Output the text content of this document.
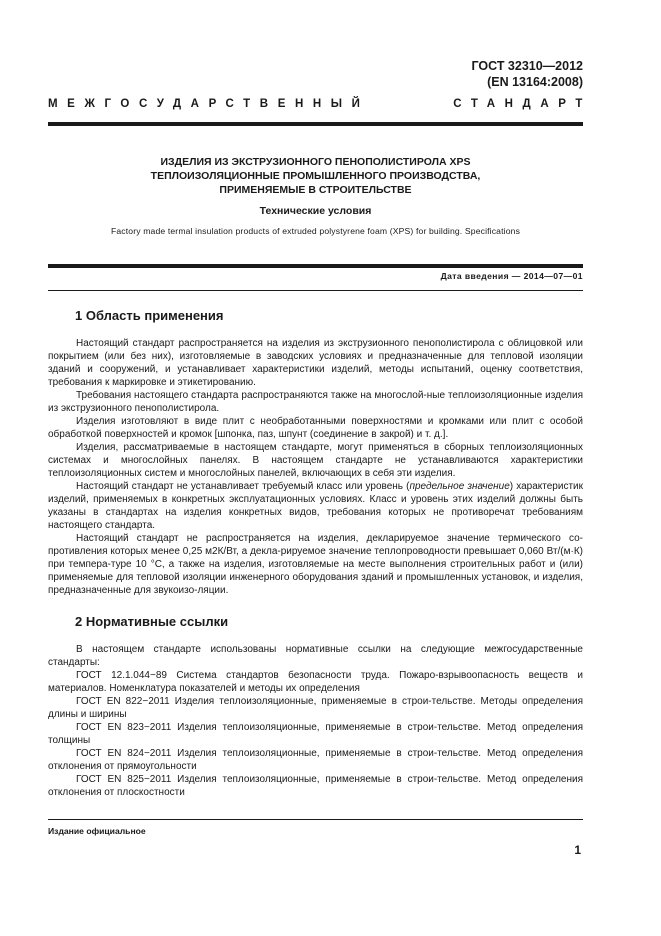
ГОСТ 32310—2012
(EN 13164:2008)
МЕЖГОСУДАРСТВЕННЫЙ	СТАНДАРТ
ИЗДЕЛИЯ ИЗ ЭКСТРУЗИОННОГО ПЕНОПОЛИСТИРОЛА XPS
ТЕПЛОИЗОЛЯЦИОННЫЕ ПРОМЫШЛЕННОГО ПРОИЗВОДСТВА,
ПРИМЕНЯЕМЫЕ В СТРОИТЕЛЬСТВЕ
Технические условия
Factory made termal insulation products of extruded polystyrene foam (XPS) for building. Specifications
Дата введения — 2014—07—01
1 Область применения

Настоящий стандарт распространяется на изделия из экструзионного пенополистирола с облицовкой или покрытием (или без них), изготовляемые в заводских условиях и предназначенные для тепловой изоляции зданий и сооружений, и устанавливает характеристики изделий, методы испытаний, оценку соответствия, требования к маркировке и этикетированию.

Требования настоящего стандарта распространяются также на многослой-ные теплоизоляционные изделия из экструзионного пенополистирола.

Изделия изготовляют в виде плит с необработанными поверхностями и кромками или плит с особой обработкой поверхностей и кромок [шпонка, паз, шпунт (соединение в закрой) и т. д.].

Изделия, рассматриваемые в настоящем стандарте, могут применяться в сборных теплоизоляционных системах и многослойных панелях. В настоящем стандарте не устанавливаются характеристики теплоизоляционных систем и многослойных панелей, включающих в себя эти изделия.

Настоящий стандарт не устанавливает требуемый класс или уровень (предельное значение) характеристик изделий, применяемых в конкретных эксплуатационных условиях. Класс и уровень этих изделий должны быть указаны в стандартах на изделия конкретных видов, требования которых не противоречат требованиям настоящего стандарта.

Настоящий стандарт не распространяется на изделия, декларируемое значение термического сопротивления которых менее 0,25 м2К/Вт, а декла-рируемое значение теплопроводности превышает 0,060 Вт/(м·К) при темпера-туре 10 °С, а также на изделия, изготовляемые на месте выполнения строительных работ и (или) применяемые для тепловой изоляции инженерного оборудования зданий и промышленных установок, и изделия, предназначенные для звукоизо-ляции.

2 Нормативные ссылки

В настоящем стандарте использованы нормативные ссылки на следующие межгосударственные стандарты:

ГОСТ 12.1.044−89 Система стандартов безопасности труда. Пожаро-взрывоопасность веществ и материалов. Номенклатура показателей и методы их определения

ГОСТ EN 822−2011 Изделия теплоизоляционные, применяемые в строи-тельстве. Методы определения длины и ширины

ГОСТ EN 823−2011 Изделия теплоизоляционные, применяемые в строи-тельстве. Метод определения толщины

ГОСТ EN 824−2011 Изделия теплоизоляционные, применяемые в строи-тельстве. Метод определения отклонения от прямоугольности

ГОСТ EN 825−2011 Изделия теплоизоляционные, применяемые в строи-тельстве. Метод определения отклонения от плоскостности

Издание официальное
1
